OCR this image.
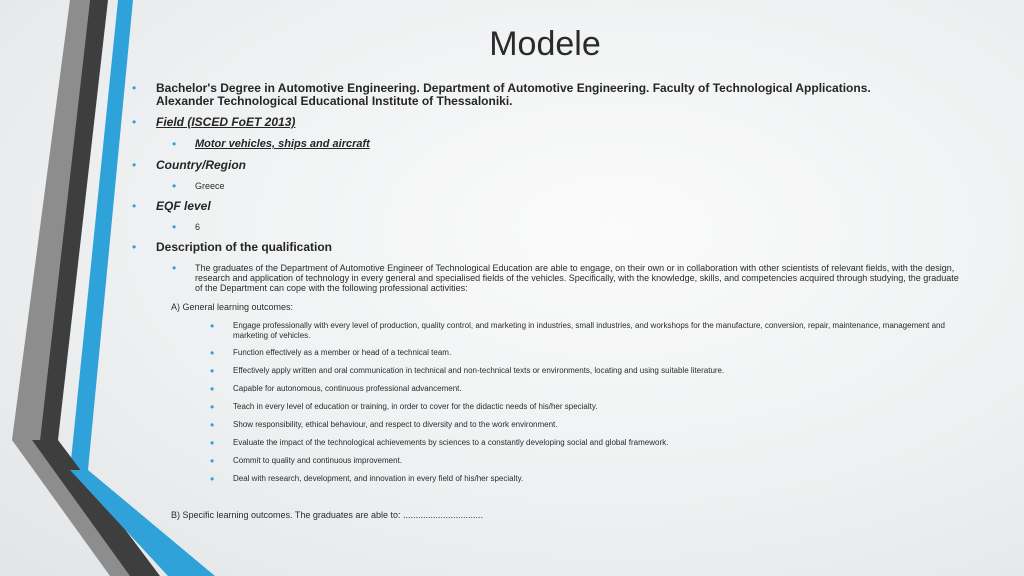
Modele
• Bachelor's Degree in Automotive Engineering. Department of Automotive Engineering. Faculty of Technological Applications. Alexander Technological Educational Institute of Thessaloniki.
• Field (ISCED FoET 2013)
• Motor vehicles, ships and aircraft
• Country/Region
• Greece
• EQF level
• 6
• Description of the qualification
• The graduates of the Department of Automotive Engineer of Technological Education are able to engage, on their own or in collaboration with other scientists of relevant fields, with the design, research and application of technology in every general and specialised fields of the vehicles. Specifically, with the knowledge, skills, and competencies acquired through studying, the graduate of the Department can cope with the following professional activities:
A) General learning outcomes:
• Engage professionally with every level of production, quality control, and marketing in industries, small industries, and workshops for the manufacture, conversion, repair, maintenance, management and marketing of vehicles.
• Function effectively as a member or head of a technical team.
• Effectively apply written and oral communication in technical and non-technical texts or environments, locating and using suitable literature.
• Capable for autonomous, continuous professional advancement.
• Teach in every level of education or training, in order to cover for the didactic needs of his/her specialty.
• Show responsibility, ethical behaviour, and respect to diversity and to the work environment.
• Evaluate the impact of the technological achievements by sciences to a constantly developing social and global framework.
• Commit to quality and continuous improvement.
• Deal with research, development, and innovation in every field of his/her specialty.
B) Specific learning outcomes. The graduates are able to: ................................
